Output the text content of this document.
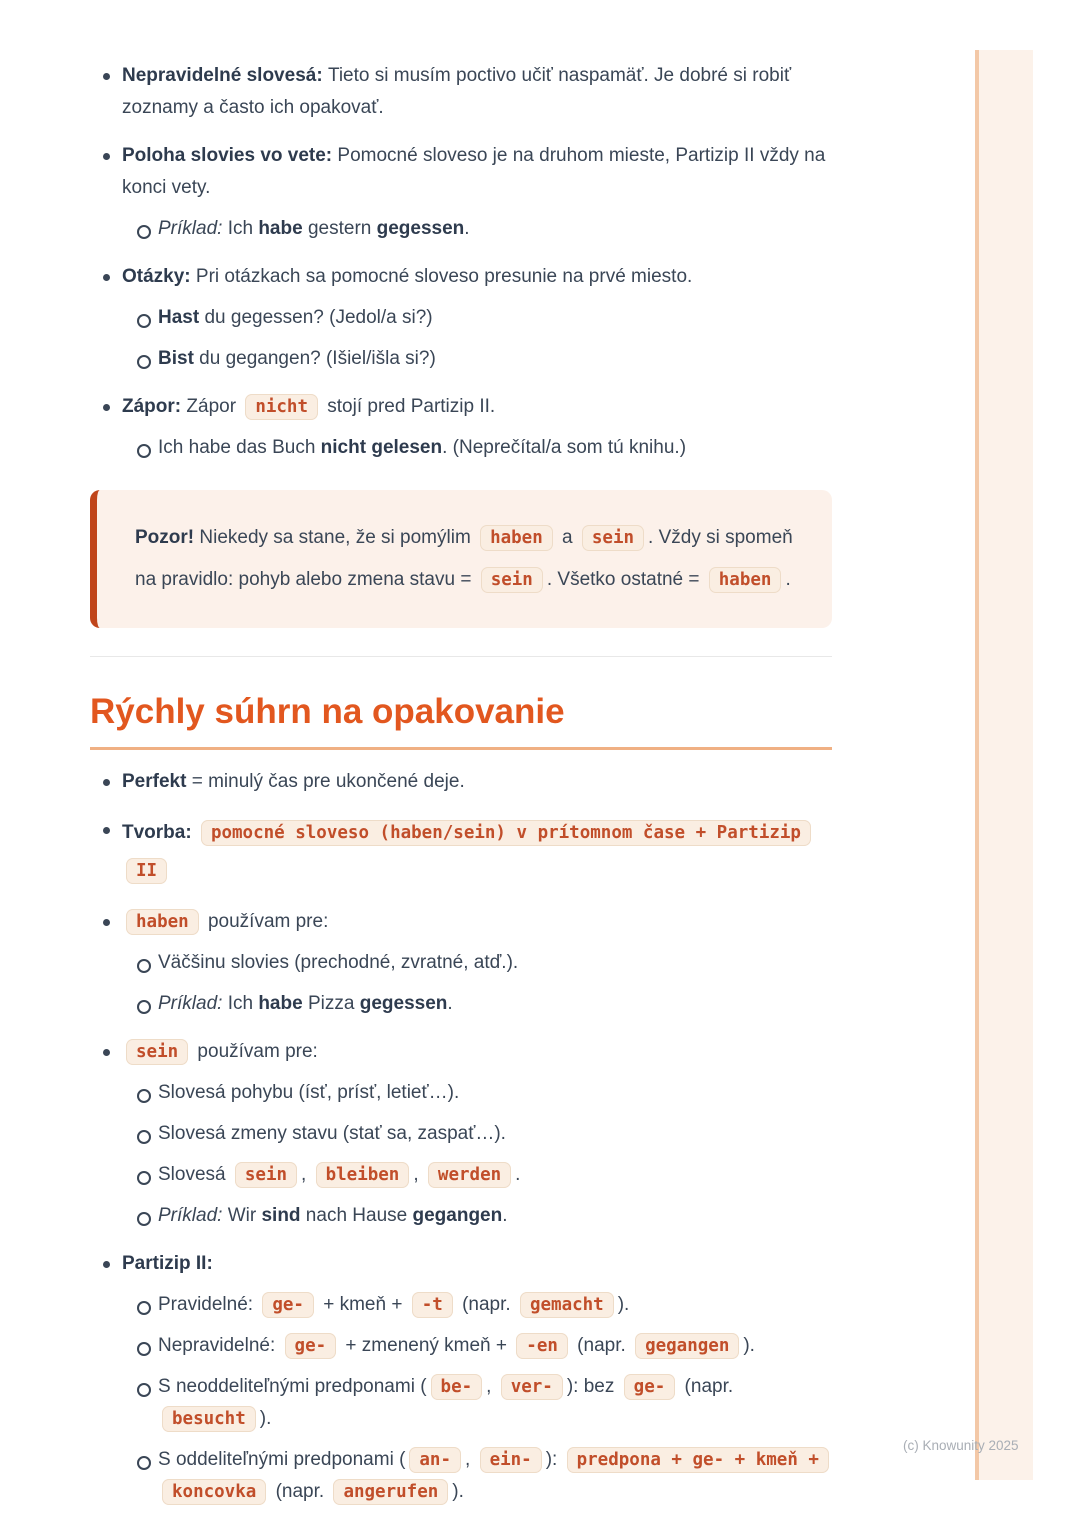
Nepravidelné slovesá: Tieto si musím poctivo učiť naspamäť. Je dobré si robiť zoznamy a často ich opakovať.
Poloha slovies vo vete: Pomocné sloveso je na druhom mieste, Partizip II vždy na konci vety.
Príklad: Ich habe gestern gegessen.
Otázky: Pri otázkach sa pomocné sloveso presunie na prvé miesto.
Hast du gegessen? (Jedol/a si?)
Bist du gegangen? (Išiel/išla si?)
Zápor: Zápor nicht stojí pred Partizip II.
Ich habe das Buch nicht gelesen. (Neprečítal/a som tú knihu.)
Pozor! Niekedy sa stane, že si pomýlim haben a sein . Vždy si spomeň na pravidlo: pohyb alebo zmena stavu = sein . Všetko ostatné = haben .
Rýchly súhrn na opakovanie
Perfekt = minulý čas pre ukončené deje.
Tvorba: pomocné sloveso (haben/sein) v prítomnom čase + Partizip II
haben používam pre:
Väčšinu slovies (prechodné, zvratné, atď.).
Príklad: Ich habe Pizza gegessen.
sein používam pre:
Slovesá pohybu (ísť, prísť, letieť…).
Slovesá zmeny stavu (stať sa, zaspať…).
Slovesá sein , bleiben , werden .
Príklad: Wir sind nach Hause gegangen.
Partizip II:
Pravidelné: ge- + kmeň + -t (napr. gemacht ).
Nepravidelné: ge- + zmenený kmeň + -en (napr. gegangen ).
S neoddeliteľnými predponami ( be- , ver- ): bez ge- (napr. besucht ).
S oddeliteľnými predponami ( an- , ein- ): predpona + ge- + kmeň + koncovka (napr. angerufen ).
(c) Knowunity 2025
